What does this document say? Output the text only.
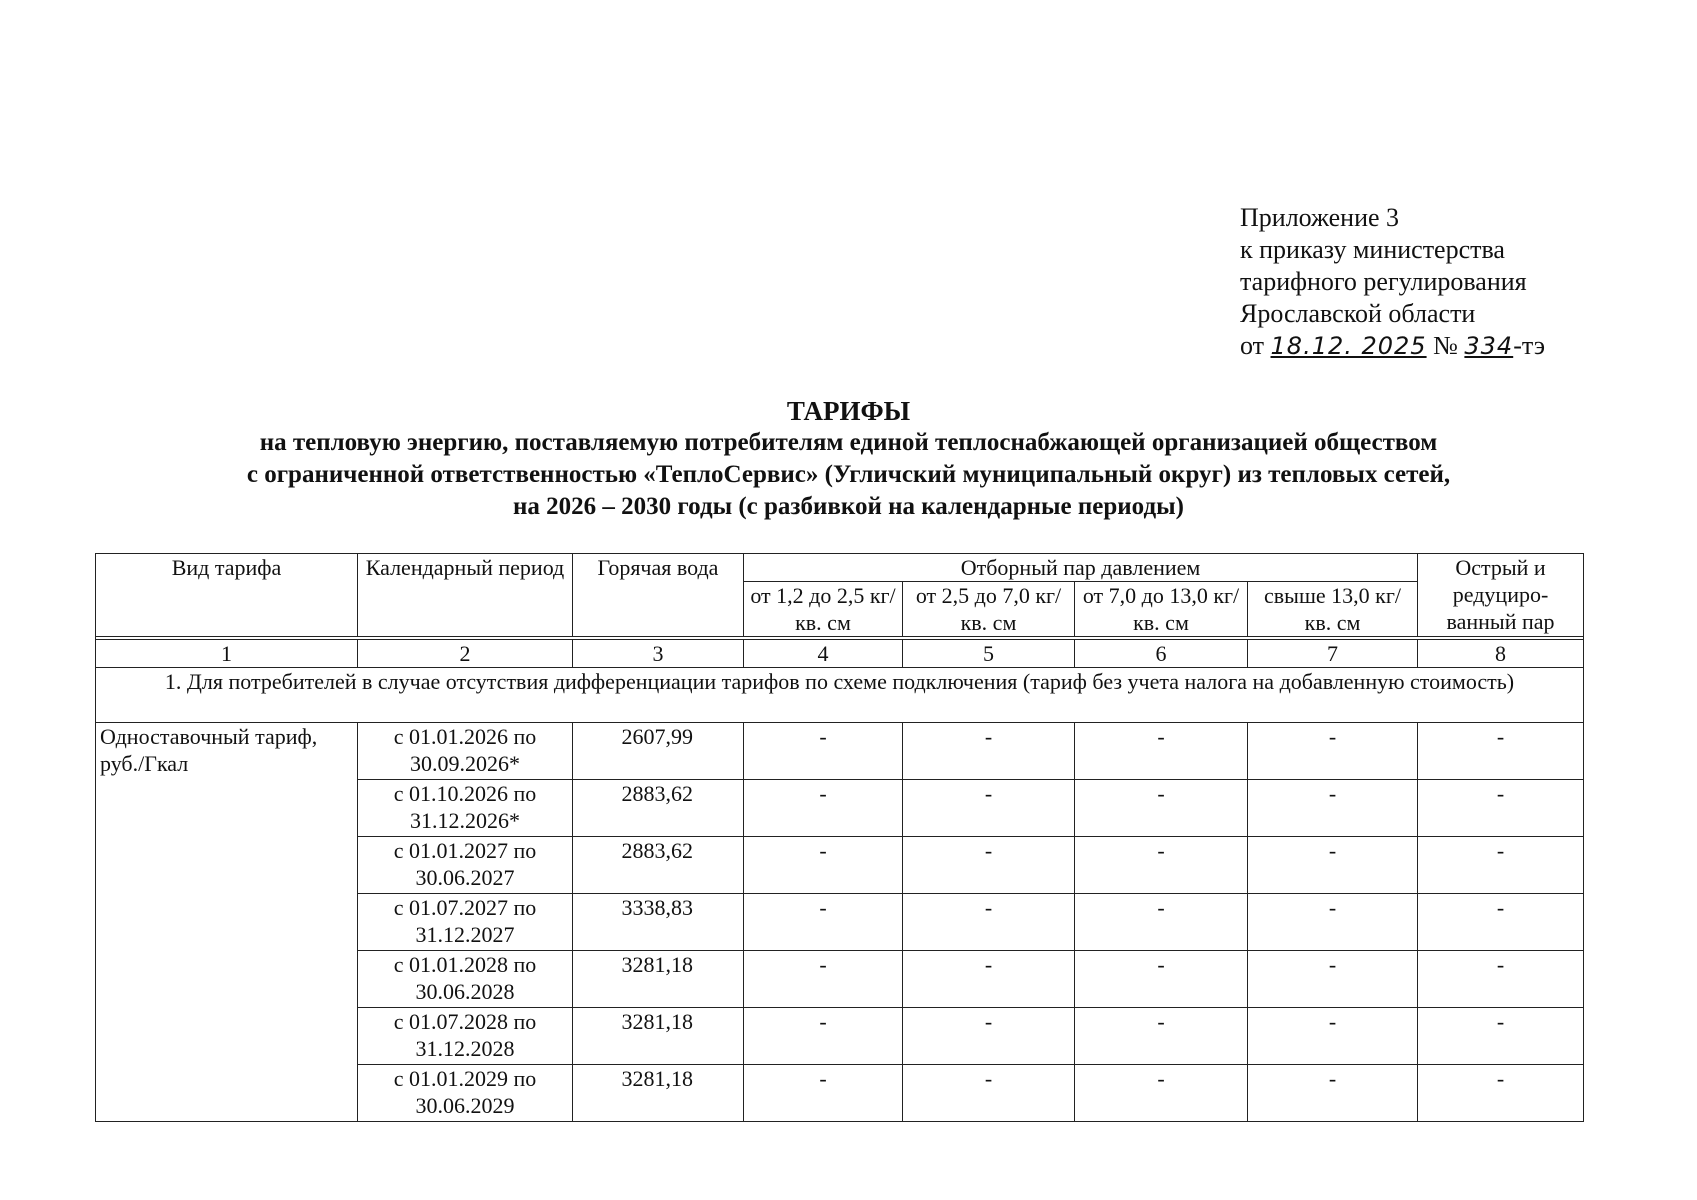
Приложение 3
к приказу министерства
тарифного регулирования
Ярославской области
от 18.12. 2025 № 334-тэ
ТАРИФЫ
на тепловую энергию, поставляемую потребителям единой теплоснабжающей организацией обществом
с ограниченной ответственностью «ТеплоСервис» (Угличский муниципальный округ) из тепловых сетей,
на 2026 – 2030 годы (с разбивкой на календарные периоды)
Вид тарифа	Календарный период	Горячая вода	Отборный пар давлением				Острый и редуциро-ванный пар
			от 1,2 до 2,5 кг/ кв. см	от 2,5 до 7,0 кг/ кв. см	от 7,0 до 13,0 кг/ кв. см	свыше 13,0 кг/ кв. см	

1	2	3	4	5	6	7	8
1. Для потребителей в случае отсутствия дифференциации тарифов по схеме подключения (тариф без учета налога на добавленную стоимость)							
Одноставочный тариф, руб./Гкал	с 01.01.2026 по 30.09.2026*	2607,99	-	-	-	-	-
	с 01.10.2026 по 31.12.2026*	2883,62	-	-	-	-	-
	с 01.01.2027 по 30.06.2027	2883,62	-	-	-	-	-
	с 01.07.2027 по 31.12.2027	3338,83	-	-	-	-	-
	с 01.01.2028 по 30.06.2028	3281,18	-	-	-	-	-
	с 01.07.2028 по 31.12.2028	3281,18	-	-	-	-	-
	с 01.01.2029 по 30.06.2029	3281,18	-	-	-	-	-
